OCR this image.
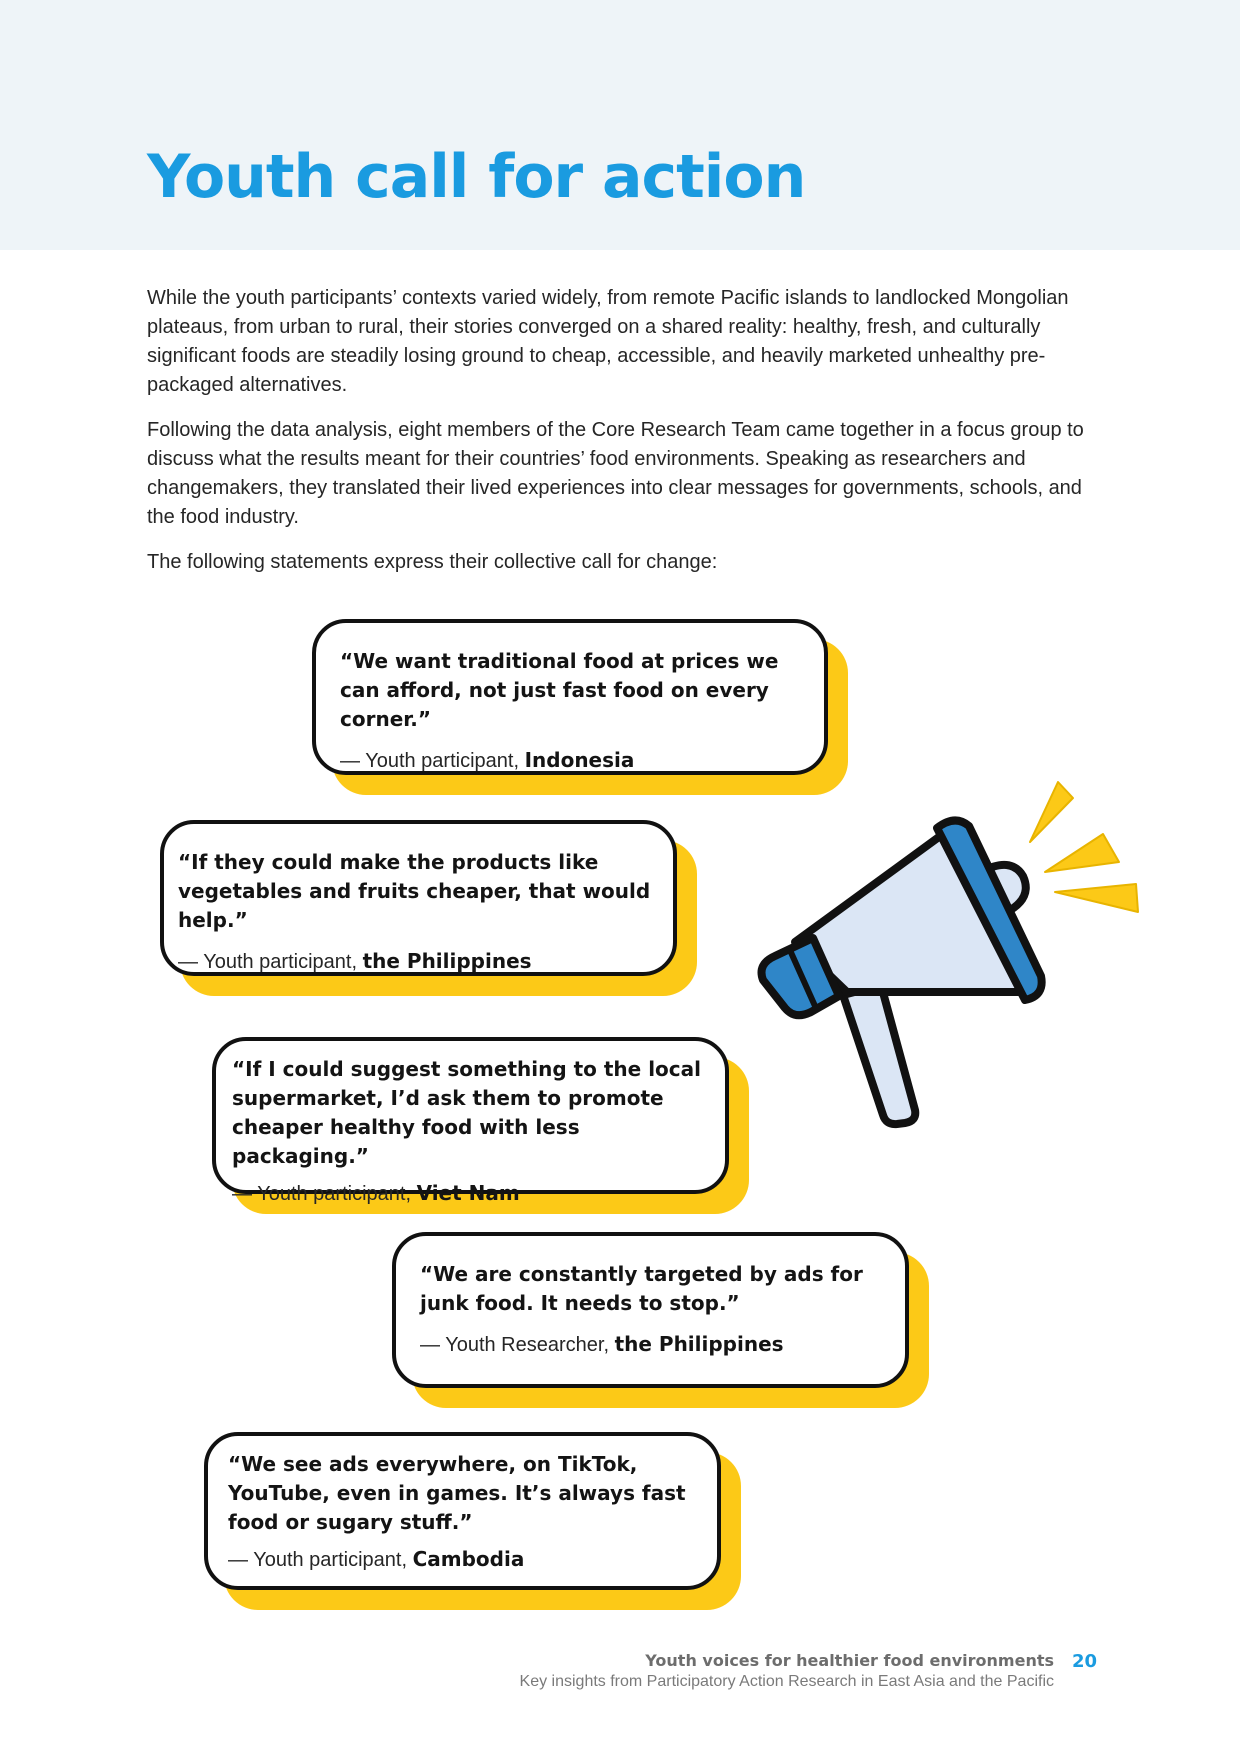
Youth call for action

While the youth participants’ contexts varied widely, from remote Pacific islands to landlocked Mongolian plateaus, from urban to rural, their stories converged on a shared reality: healthy, fresh, and culturally significant foods are steadily losing ground to cheap, accessible, and heavily marketed unhealthy pre-packaged alternatives.

Following the data analysis, eight members of the Core Research Team came together in a focus group to discuss what the results meant for their countries’ food environments. Speaking as researchers and changemakers, they translated their lived experiences into clear messages for governments, schools, and the food industry.

The following statements express their collective call for change:

“We want traditional food at prices we can afford, not just fast food on every corner.”

— Youth participant, Indonesia

“If they could make the products like vegetables and fruits cheaper, that would help.”

— Youth participant, the Philippines

“If I could suggest something to the local supermarket, I’d ask them to promote cheaper healthy food with less packaging.”

— Youth participant, Viet Nam

“We are constantly targeted by ads for junk food. It needs to stop.”

— Youth Researcher, the Philippines

“We see ads everywhere, on TikTok, YouTube, even in games. It’s always fast food or sugary stuff.”

— Youth participant, Cambodia

Youth voices for healthier food environments

Key insights from Participatory Action Research in East Asia and the Pacific

20
